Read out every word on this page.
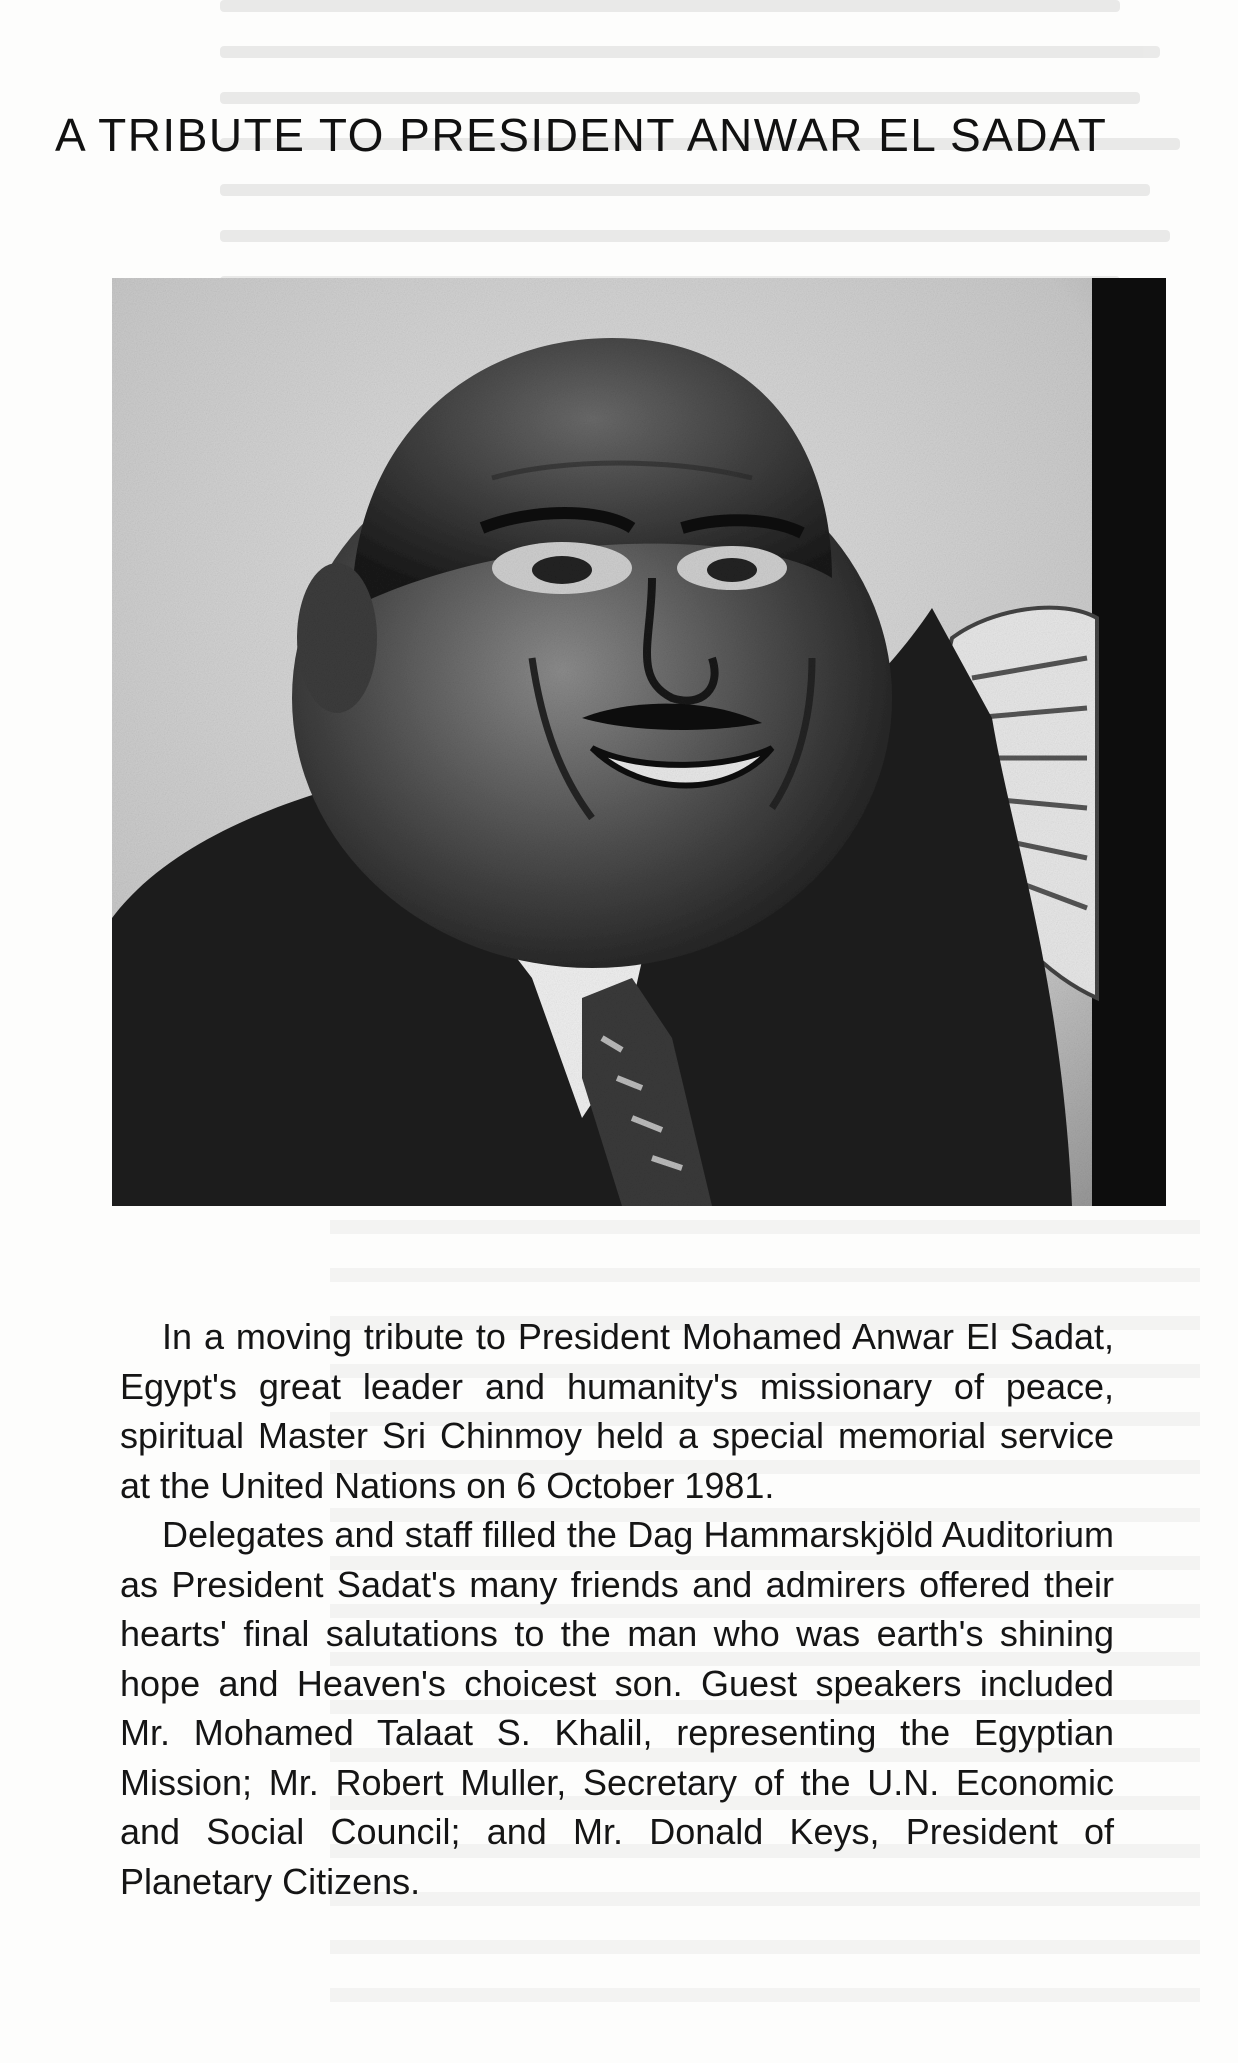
A TRIBUTE TO PRESIDENT ANWAR EL SADAT

In a moving tribute to President Mohamed Anwar El Sadat, Egypt's great leader and humanity's missionary of peace, spiritual Master Sri Chinmoy held a special memorial service at the United Nations on 6 October 1981.

Delegates and staff filled the Dag Hammarskjöld Auditorium as President Sadat's many friends and admirers offered their hearts' final salutations to the man who was earth's shining hope and Heaven's choicest son. Guest speakers included Mr. Mohamed Talaat S. Khalil, representing the Egyptian Mission; Mr. Robert Muller, Secretary of the U.N. Economic and Social Council; and Mr. Donald Keys, President of Planetary Citizens.
